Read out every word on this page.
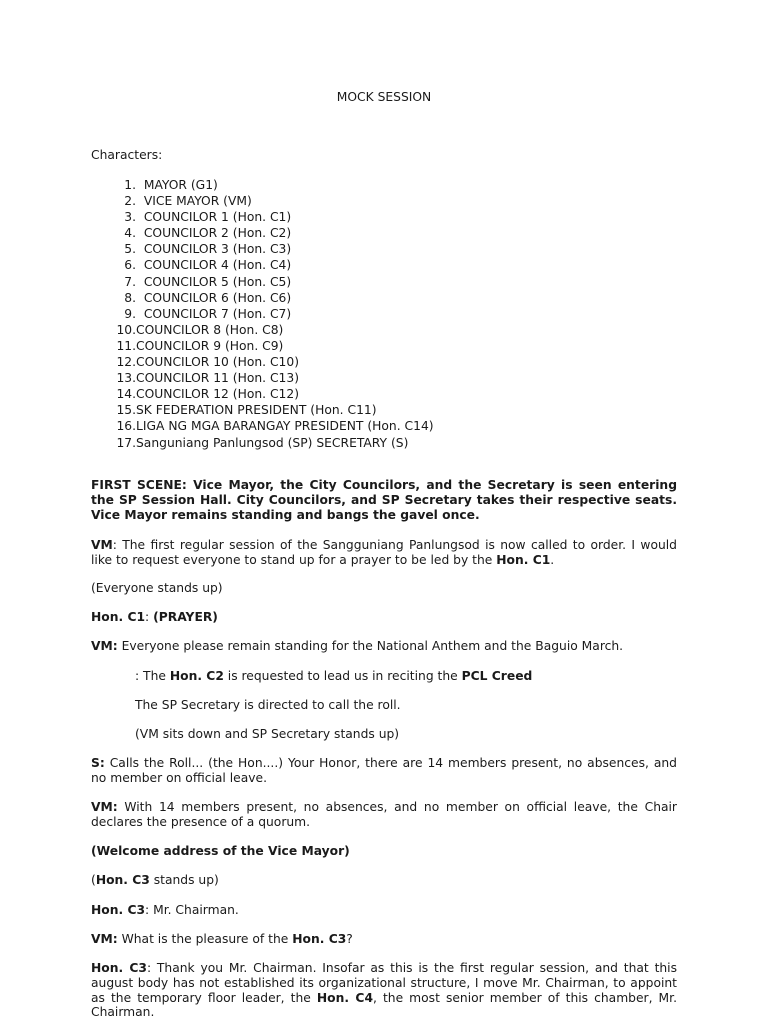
MOCK SESSION
Characters:
1. MAYOR (G1)
2. VICE MAYOR (VM)
3. COUNCILOR 1 (Hon. C1)
4. COUNCILOR 2 (Hon. C2)
5. COUNCILOR 3 (Hon. C3)
6. COUNCILOR 4 (Hon. C4)
7. COUNCILOR 5 (Hon. C5)
8. COUNCILOR 6 (Hon. C6)
9. COUNCILOR 7 (Hon. C7)
10.COUNCILOR 8 (Hon. C8)
11.COUNCILOR 9 (Hon. C9)
12.COUNCILOR 10 (Hon. C10)
13.COUNCILOR 11 (Hon. C13)
14.COUNCILOR 12 (Hon. C12)
15.SK FEDERATION PRESIDENT (Hon. C11)
16.LIGA NG MGA BARANGAY PRESIDENT (Hon. C14)
17.Sanguniang Panlungsod (SP) SECRETARY (S)
FIRST SCENE: Vice Mayor, the City Councilors, and the Secretary is seen entering the SP Session Hall. City Councilors, and SP Secretary takes their respective seats. Vice Mayor remains standing and bangs the gavel once.
VM: The first regular session of the Sangguniang Panlungsod is now called to order. I would like to request everyone to stand up for a prayer to be led by the Hon. C1.
(Everyone stands up)
Hon. C1: (PRAYER)
VM: Everyone please remain standing for the National Anthem and the Baguio March.
: The Hon. C2 is requested to lead us in reciting the PCL Creed
The SP Secretary is directed to call the roll.
(VM sits down and SP Secretary stands up)
S: Calls the Roll... (the Hon....) Your Honor, there are 14 members present, no absences, and no member on official leave.
VM: With 14 members present, no absences, and no member on official leave, the Chair declares the presence of a quorum.
(Welcome address of the Vice Mayor)
(Hon. C3 stands up)
Hon. C3: Mr. Chairman.
VM: What is the pleasure of the Hon. C3?
Hon. C3: Thank you Mr. Chairman. Insofar as this is the first regular session, and that this august body has not established its organizational structure, I move Mr. Chairman, to appoint as the temporary floor leader, the Hon. C4, the most senior member of this chamber, Mr. Chairman.
